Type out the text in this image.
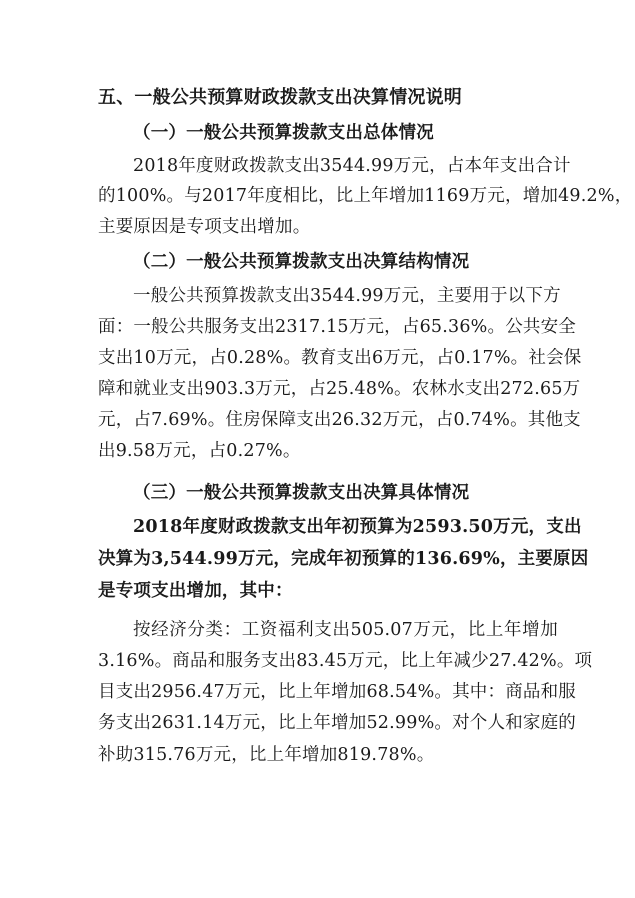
五、一般公共预算财政拨款支出决算情况说明
（一）一般公共预算拨款支出总体情况
2018年度财政拨款支出3544.99万元，占本年支出合计
的100%。与2017年度相比，比上年增加1169万元，增加49.2%，
主要原因是专项支出增加。
（二）一般公共预算拨款支出决算结构情况
一般公共预算拨款支出3544.99万元，主要用于以下方
面：一般公共服务支出2317.15万元，占65.36%。公共安全
支出10万元，占0.28%。教育支出6万元，占0.17%。社会保
障和就业支出903.3万元，占25.48%。农林水支出272.65万
元，占7.69%。住房保障支出26.32万元，占0.74%。其他支
出9.58万元，占0.27%。
（三）一般公共预算拨款支出决算具体情况
2018年度财政拨款支出年初预算为2593.50万元，支出
决算为3,544.99万元，完成年初预算的136.69%，主要原因
是专项支出增加，其中：
按经济分类：工资福利支出505.07万元，比上年增加
3.16%。商品和服务支出83.45万元，比上年减少27.42%。项
目支出2956.47万元，比上年增加68.54%。其中：商品和服
务支出2631.14万元，比上年增加52.99%。对个人和家庭的
补助315.76万元，比上年增加819.78%。
